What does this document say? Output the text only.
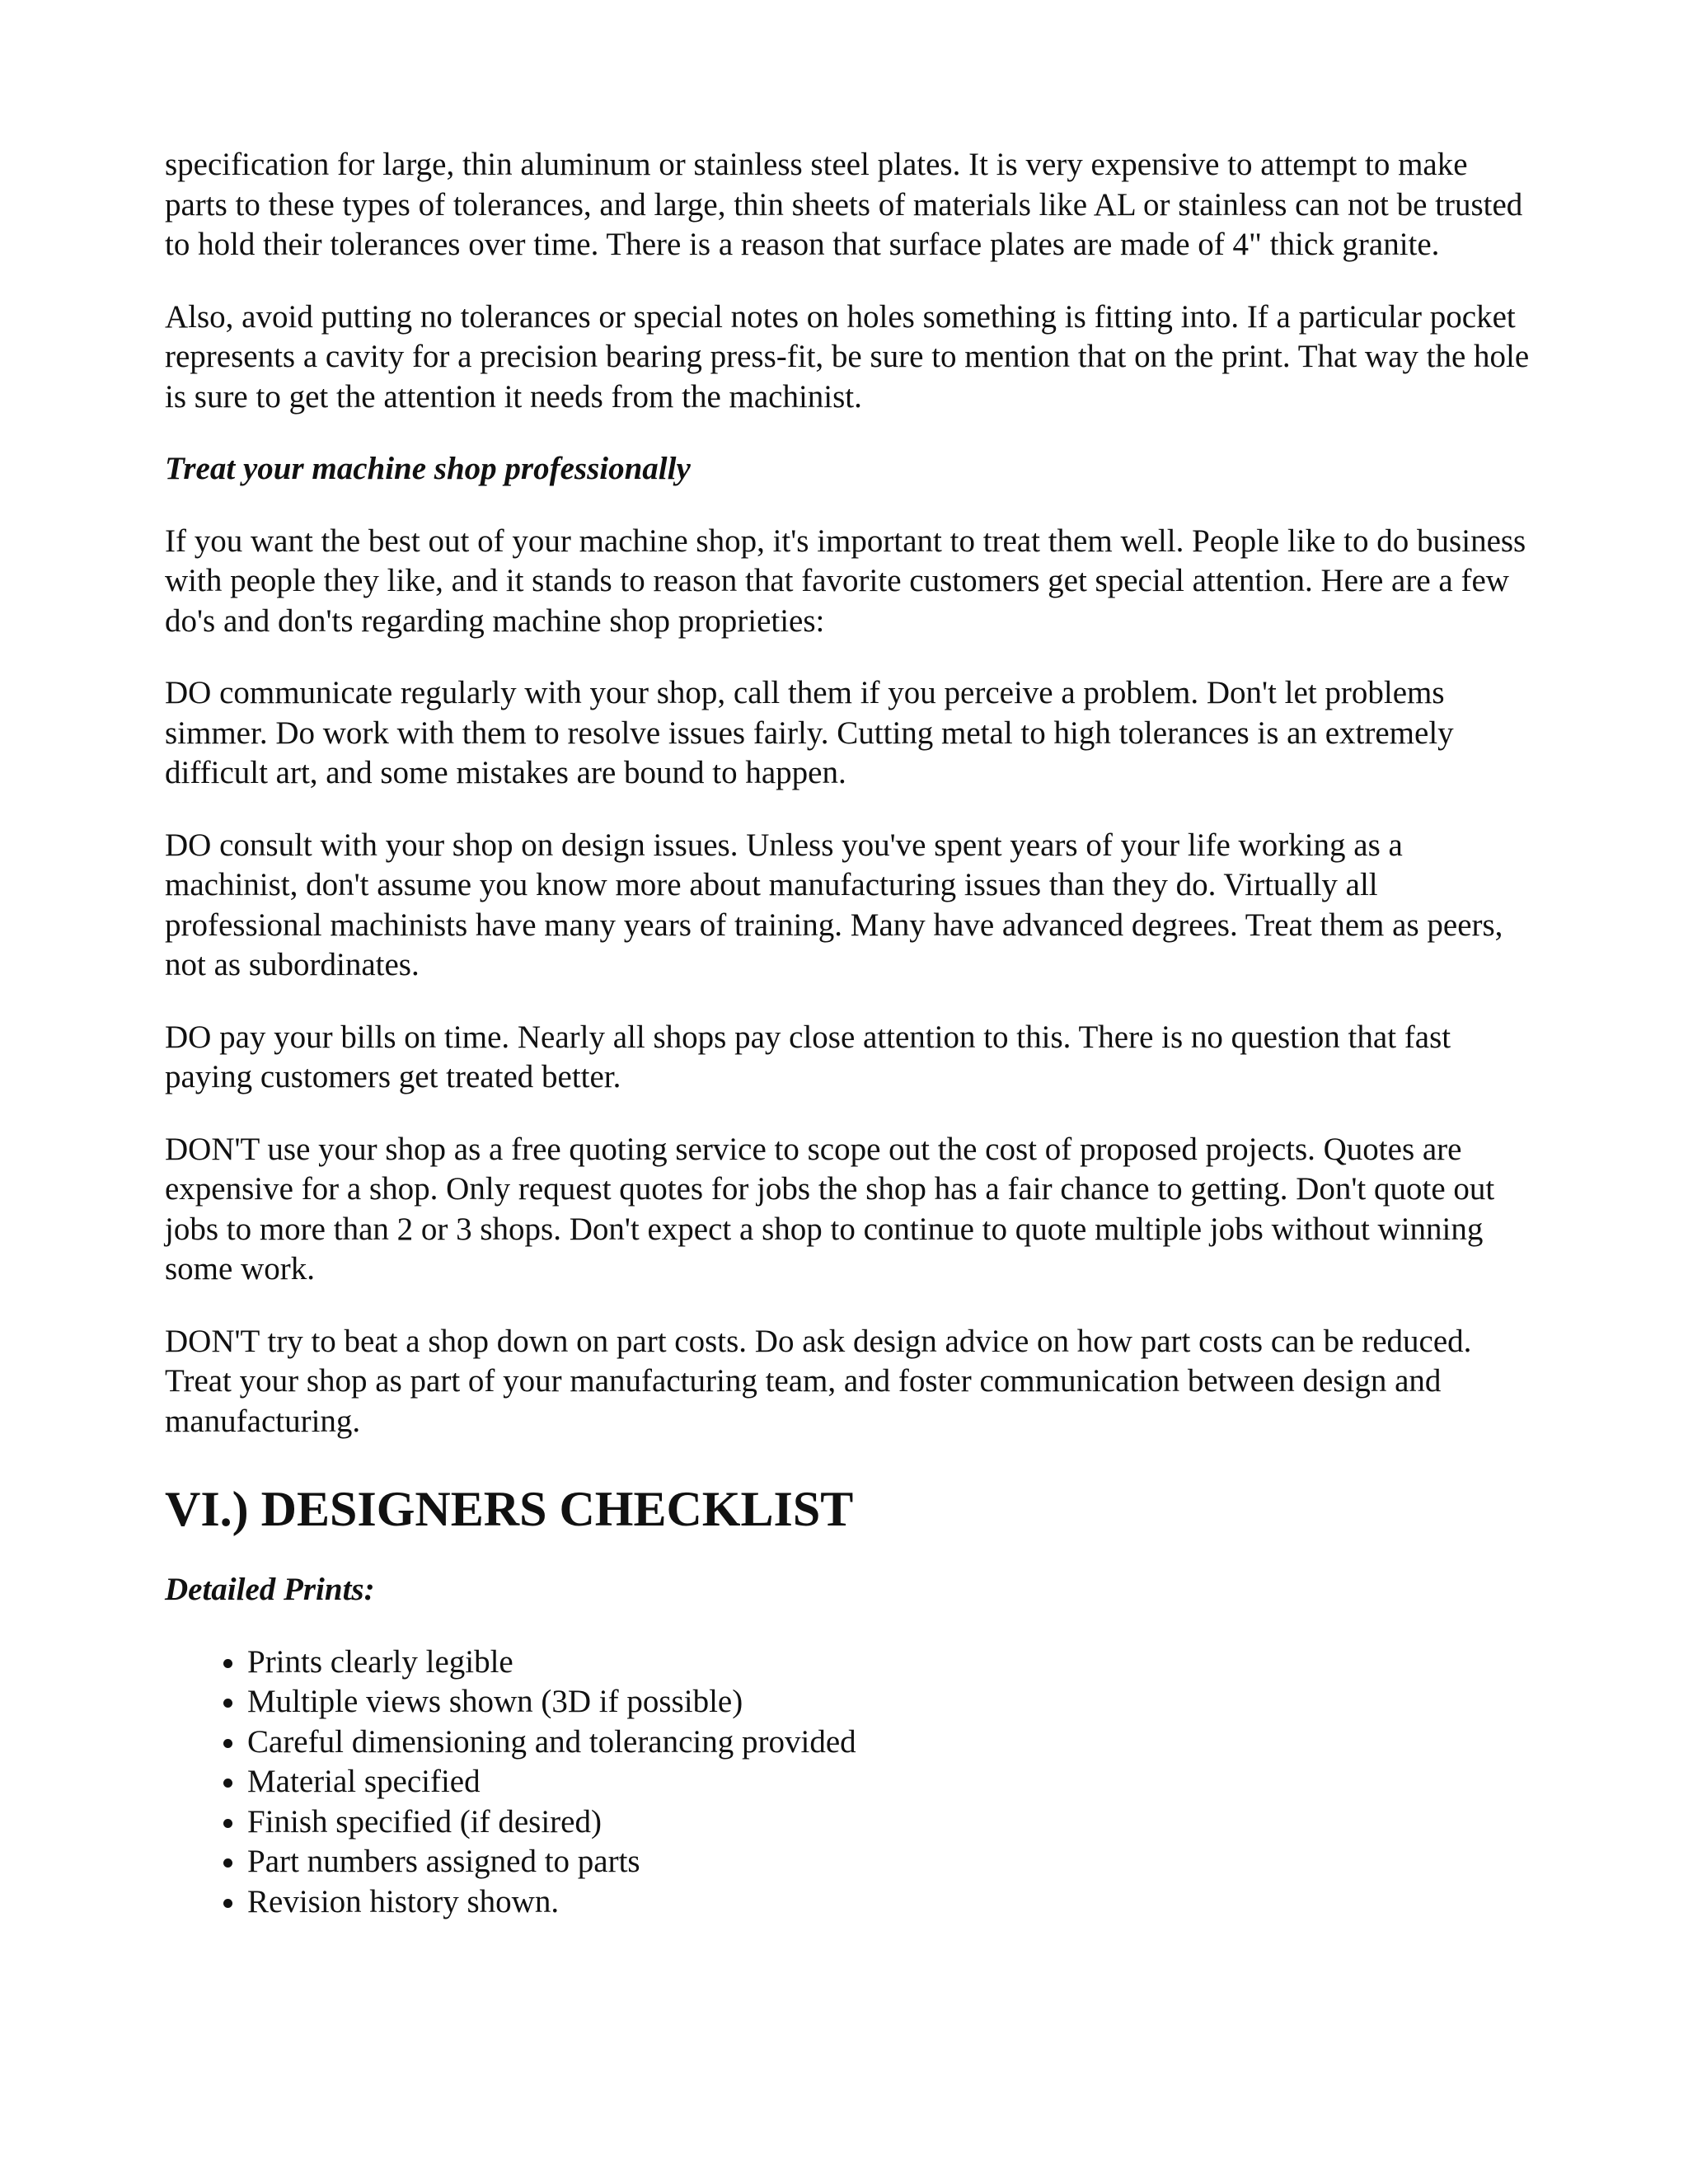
specification for large, thin aluminum or stainless steel plates. It is very expensive to attempt to make parts to these types of tolerances, and large, thin sheets of materials like AL or stainless can not be trusted to hold their tolerances over time. There is a reason that surface plates are made of 4" thick granite.

Also, avoid putting no tolerances or special notes on holes something is fitting into. If a particular pocket represents a cavity for a precision bearing press-fit, be sure to mention that on the print. That way the hole is sure to get the attention it needs from the machinist.

Treat your machine shop professionally

If you want the best out of your machine shop, it's important to treat them well. People like to do business with people they like, and it stands to reason that favorite customers get special attention. Here are a few do's and don'ts regarding machine shop proprieties:

DO communicate regularly with your shop, call them if you perceive a problem. Don't let problems simmer. Do work with them to resolve issues fairly. Cutting metal to high tolerances is an extremely difficult art, and some mistakes are bound to happen.

DO consult with your shop on design issues. Unless you've spent years of your life working as a machinist, don't assume you know more about manufacturing issues than they do. Virtually all professional machinists have many years of training. Many have advanced degrees. Treat them as peers, not as subordinates.

DO pay your bills on time. Nearly all shops pay close attention to this. There is no question that fast paying customers get treated better.

DON'T use your shop as a free quoting service to scope out the cost of proposed projects. Quotes are expensive for a shop. Only request quotes for jobs the shop has a fair chance to getting. Don't quote out jobs to more than 2 or 3 shops. Don't expect a shop to continue to quote multiple jobs without winning some work.

DON'T try to beat a shop down on part costs. Do ask design advice on how part costs can be reduced. Treat your shop as part of your manufacturing team, and foster communication between design and manufacturing.

VI.) DESIGNERS CHECKLIST

Detailed Prints:

• Prints clearly legible
• Multiple views shown (3D if possible)
• Careful dimensioning and tolerancing provided
• Material specified
• Finish specified (if desired)
• Part numbers assigned to parts
• Revision history shown.
